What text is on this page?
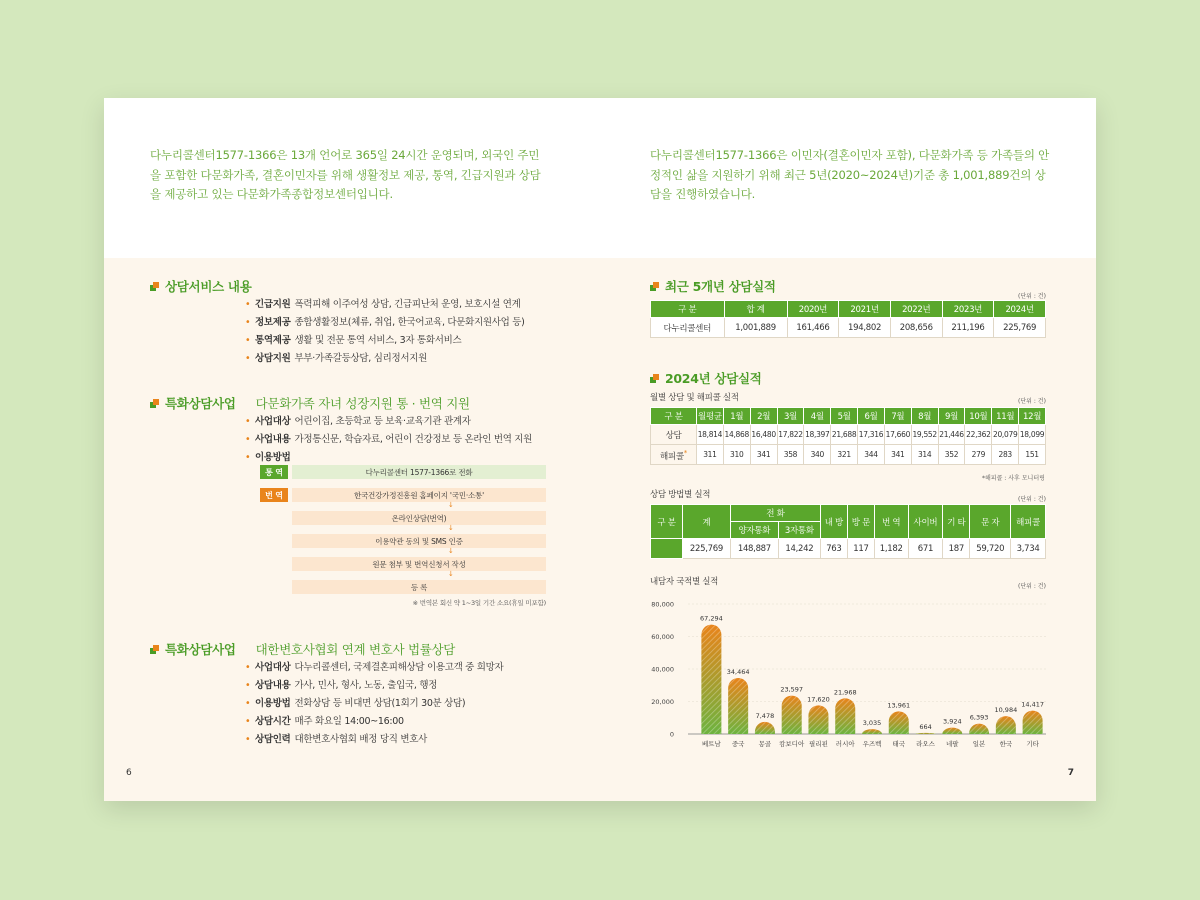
다누리콜센터1577-1366은 13개 언어로 365일 24시간 운영되며, 외국인 주민을 포함한 다문화가족, 결혼이민자를 위해 생활정보 제공, 통역, 긴급지원과 상담을 제공하고 있는 다문화가족종합정보센터입니다.

다누리콜센터1577-1366은 이민자(결혼이민자 포함), 다문화가족 등 가족들의 안정적인 삶을 지원하기 위해 최근 5년(2020~2024년)기준 총 1,001,889건의 상담을 진행하였습니다.

상담서비스 내용
• 긴급지원 폭력피해 이주여성 상담, 긴급피난처 운영, 보호시설 연계
• 정보제공 종합생활정보(체류, 취업, 한국어교육, 다문화지원사업 등)
• 통역제공 생활 및 전문 통역 서비스, 3자 통화서비스
• 상담지원 부부·가족갈등상담, 심리정서지원
특화상담사업 다문화가족 자녀 성장지원 통 · 번역 지원
• 사업대상 어린이집, 초등학교 등 보육·교육기관 관계자
• 사업내용 가정통신문, 학습자료, 어린이 건강정보 등 온라인 번역 지원
• 이용방법
통 역	다누리콜센터 1577-1366로 전화
번 역	한국건강가정진흥원 홈페이지 '국민·소통'
↓
온라인상담(번역)
↓
이용약관 동의 및 SMS 인증
↓
원문 첨부 및 번역신청서 작성
↓
등 록
※ 번역본 회신 약 1~3일 기간 소요(휴일 미포함)
특화상담사업 대한변호사협회 연계 변호사 법률상담
• 사업대상 다누리콜센터, 국제결혼피해상담 이용고객 중 희망자
• 상담내용 가사, 민사, 형사, 노동, 출입국, 행정
• 이용방법 전화상담 등 비대면 상담(1회기 30분 상담)
• 상담시간 매주 화요일 14:00~16:00
• 상담인력 대한변호사협회 배정 당직 변호사
6	7
최근 5개년 상담실적
(단위 : 건)
구 분	합 계	2020년	2021년	2022년	2023년	2024년
다누리콜센터	1,001,889	161,466	194,802	208,656	211,196	225,769
2024년 상담실적
월별 상담 및 해피콜 실적	(단위 : 건)
구 분	월평균	1월	2월	3월	4월	5월	6월	7월	8월	9월	10월	11월	12월
상담	18,814	14,868	16,480	17,822	18,397	21,688	17,316	17,660	19,552	21,446	22,362	20,079	18,099
해피콜*	311	310	341	358	340	321	344	341	314	352	279	283	151
*해피콜 : 사후 모니터링
상담 방법별 실적	(단위 : 건)
구 분	계	전 화		내 방	방 문	번 역	사이버	기 타	문 자	해피콜
		양자통화	3자통화							
	225,769	148,887	14,242	763	117	1,182	671	187	59,720	3,734
내담자 국적별 실적	(단위 : 건)
0
20,000
40,000
60,000
80,000
67,294
베트남
34,464
중국
7,478
몽골
23,597
캄보디아
17,620
필리핀
21,968
러시아
3,035
우즈벡
13,961
태국
664
라오스
3,924
네팔
6,393
일본
10,984
한국
14,417
기타
